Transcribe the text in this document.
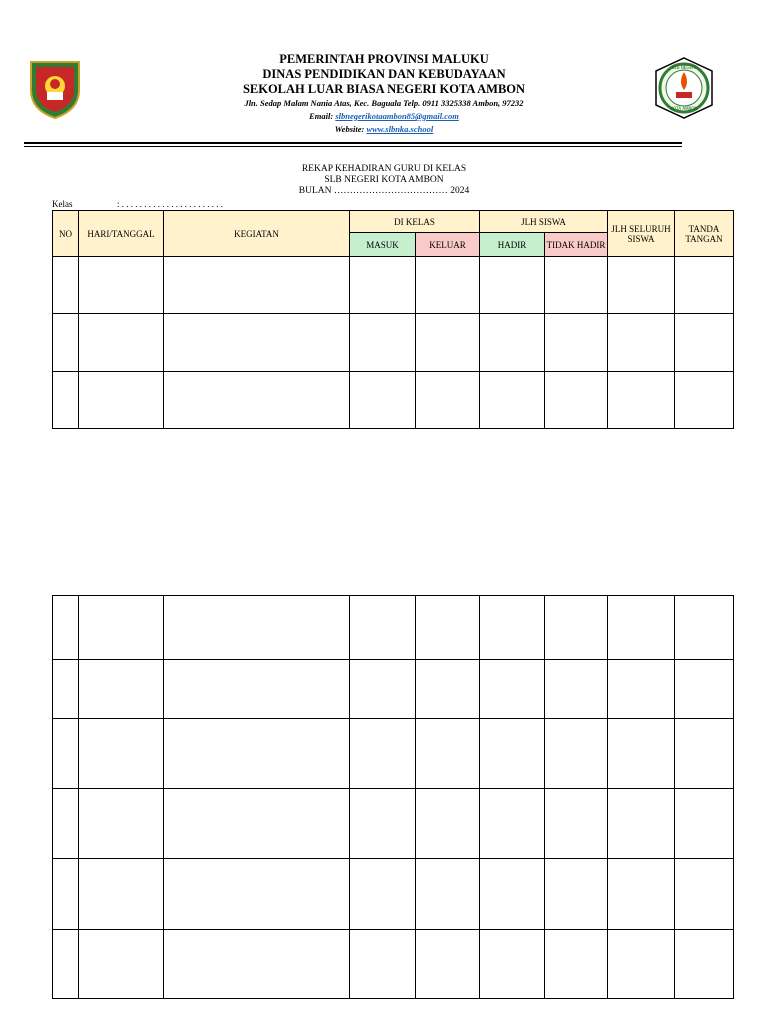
PEMERINTAH PROVINSI MALUKU
DINAS PENDIDIKAN DAN KEBUDAYAAN
SEKOLAH LUAR BIASA NEGERI KOTA AMBON
Jln. Sedap Malam Nania Atas, Kec. Baguala Telp. 0911 3325338 Ambon, 97232
Email: slbnegerikotaambon85@gmail.com
Website: www.slbnka.school
SLB NEGERI
KOTA AMBON
REKAP KEHADIRAN GURU DI KELAS
SLB NEGERI KOTA AMBON
BULAN ……………………………… 2024
Kelas	: . . . . . . . . . . . . . . . . . . . . . . .
NO	HARI/TANGGAL	KEGIATAN	DI KELAS		JLH SISWA		JLH SELURUH SISWA	TANDA TANGAN
			MASUK	KELUAR	HADIR	TIDAK HADIR		
